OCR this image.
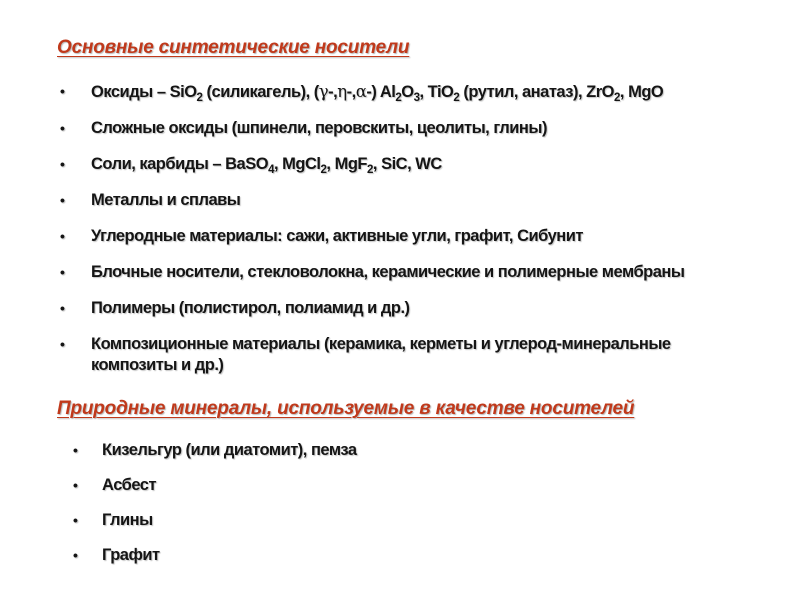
Основные синтетические носители
•	Оксиды – SiO$_2$ (силикагель), (γ-,η-,α-) $Al_2O_3$, TiO$_2$ (рутил, анатаз), ZrO$_2$, MgO
•	Сложные оксиды (шпинели, перовскиты, цеолиты, глины)
•	Соли, карбиды – BaSO$_4$, MgCl$_2$, MgF$_2$, SiC, WC
•	Металлы и сплавы
•	Углеродные материалы: сажи, активные угли, графит, Сибунит
•	Блочные носители, стекловолокна, керамические и полимерные мембраны
•	Полимеры (полистирол, полиамид и др.)
•	Композиционные материалы (керамика, керметы и углерод-минеральные композиты и др.)
Природные минералы, используемые в качестве носителей
•	Кизельгур (или диатомит), пемза
•	Асбест
•	Глины
•	Графит
